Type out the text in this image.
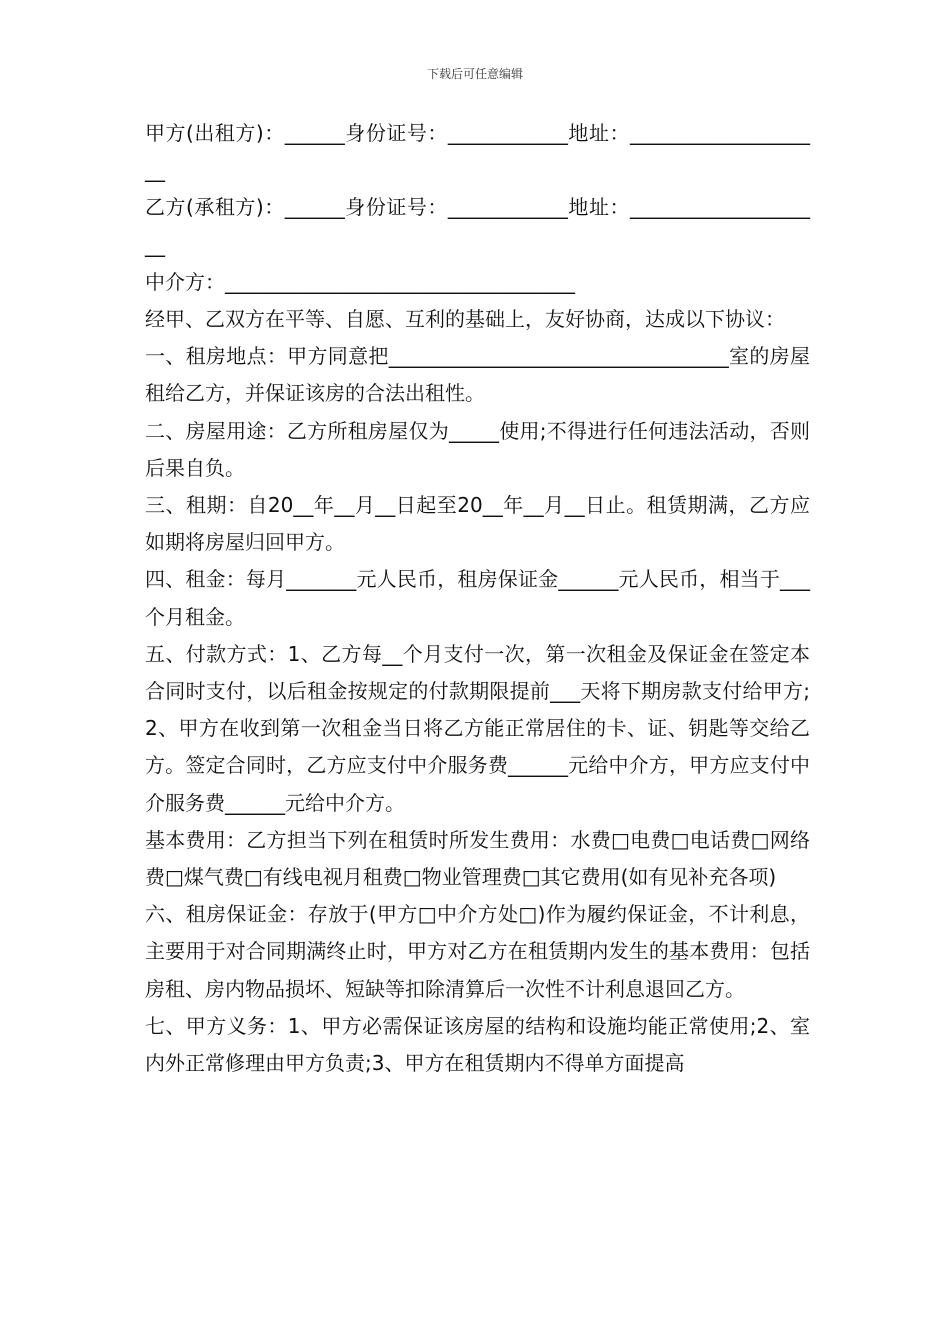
下载后可任意编辑

甲方(出租方)：______身份证号：____________地址：____________________

乙方(承租方)：______身份证号：____________地址：____________________

中介方：___________________________________

经甲、乙双方在平等、自愿、互利的基础上，友好协商，达成以下协议：

一、租房地点：甲方同意把__________________________________室的房屋租给乙方，并保证该房的合法出租性。

二、房屋用途：乙方所租房屋仅为_____使用;不得进行任何违法活动，否则后果自负。

三、租期：自20__年__月__日起至20__年__月__日止。租赁期满，乙方应如期将房屋归回甲方。

四、租金：每月_______元人民币，租房保证金______元人民币，相当于___个月租金。

五、付款方式：1、乙方每__个月支付一次，第一次租金及保证金在签定本合同时支付，以后租金按规定的付款期限提前___天将下期房款支付给甲方;2、甲方在收到第一次租金当日将乙方能正常居住的卡、证、钥匙等交给乙方。签定合同时，乙方应支付中介服务费______元给中介方，甲方应支付中介服务费______元给中介方。

基本费用：乙方担当下列在租赁时所发生费用：水费□电费□电话费□网络费□煤气费□有线电视月租费□物业管理费□其它费用(如有见补充各项)

六、租房保证金：存放于(甲方□中介方处□)作为履约保证金，不计利息，主要用于对合同期满终止时，甲方对乙方在租赁期内发生的基本费用：包括房租、房内物品损坏、短缺等扣除清算后一次性不计利息退回乙方。

七、甲方义务：1、甲方必需保证该房屋的结构和设施均能正常使用;2、室内外正常修理由甲方负责;3、甲方在租赁期内不得单方面提高
